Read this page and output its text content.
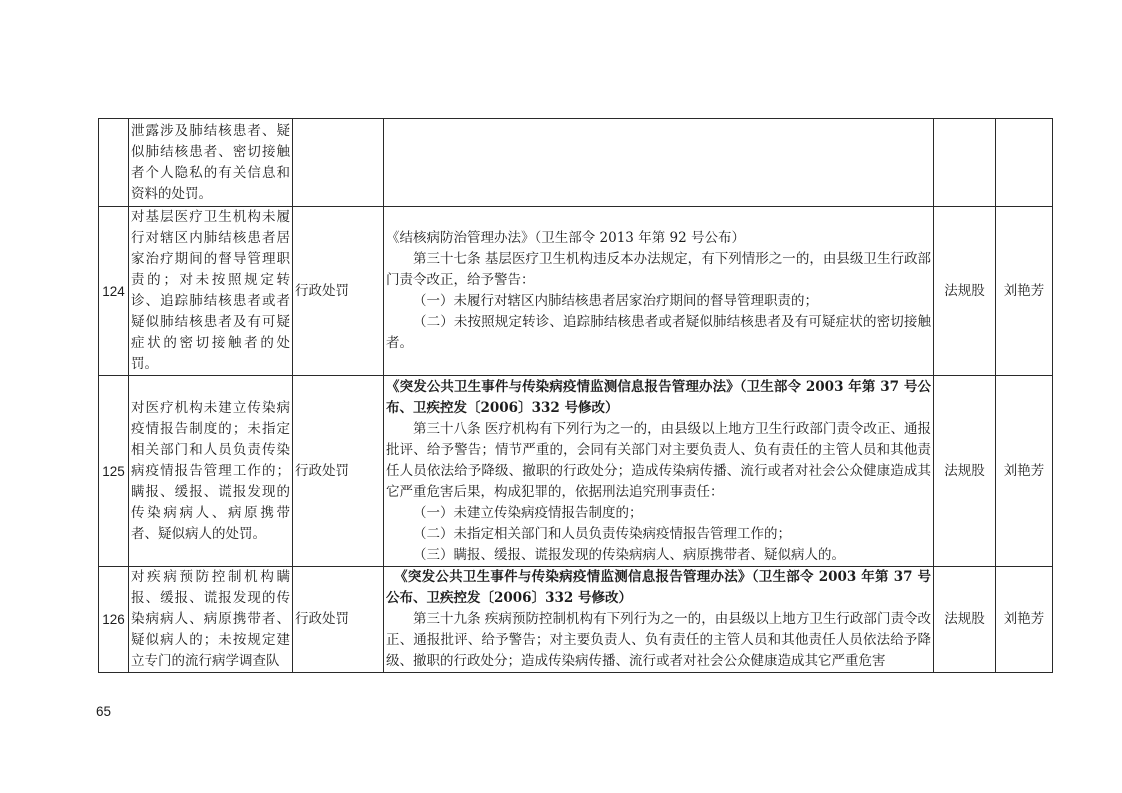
	泄露涉及肺结核患者、疑似肺结核患者、密切接触者个人隐私的有关信息和资料的处罚。				
124	对基层医疗卫生机构未履行对辖区内肺结核患者居家治疗期间的督导管理职责的；对未按照规定转诊、追踪肺结核患者或者疑似肺结核患者及有可疑症状的密切接触者的处罚。	行政处罚	《结核病防治管理办法》（卫生部令 2013 年第 92 号公布）

第三十七条 基层医疗卫生机构违反本办法规定，有下列情形之一的，由县级卫生行政部门责令改正，给予警告：

（一）未履行对辖区内肺结核患者居家治疗期间的督导管理职责的；

（二）未按照规定转诊、追踪肺结核患者或者疑似肺结核患者及有可疑症状的密切接触者。	法规股	刘艳芳
125	对医疗机构未建立传染病疫情报告制度的；未指定相关部门和人员负责传染病疫情报告管理工作的；瞒报、缓报、谎报发现的传染病病人、病原携带者、疑似病人的处罚。	行政处罚	《突发公共卫生事件与传染病疫情监测信息报告管理办法》（卫生部令 2003 年第 37 号公布、卫疾控发〔2006〕332 号修改）

第三十八条 医疗机构有下列行为之一的，由县级以上地方卫生行政部门责令改正、通报批评、给予警告；情节严重的，会同有关部门对主要负责人、负有责任的主管人员和其他责任人员依法给予降级、撤职的行政处分；造成传染病传播、流行或者对社会公众健康造成其它严重危害后果，构成犯罪的，依据刑法追究刑事责任：

（一）未建立传染病疫情报告制度的；

（二）未指定相关部门和人员负责传染病疫情报告管理工作的；

（三）瞒报、缓报、谎报发现的传染病病人、病原携带者、疑似病人的。	法规股	刘艳芳
126	对疾病预防控制机构瞒报、缓报、谎报发现的传染病病人、病原携带者、疑似病人的；未按规定建立专门的流行病学调查队	行政处罚	《突发公共卫生事件与传染病疫情监测信息报告管理办法》（卫生部令 2003 年第 37 号公布、卫疾控发〔2006〕332 号修改）

第三十九条 疾病预防控制机构有下列行为之一的，由县级以上地方卫生行政部门责令改正、通报批评、给予警告；对主要负责人、负有责任的主管人员和其他责任人员依法给予降级、撤职的行政处分；造成传染病传播、流行或者对社会公众健康造成其它严重危害	法规股	刘艳芳
65
